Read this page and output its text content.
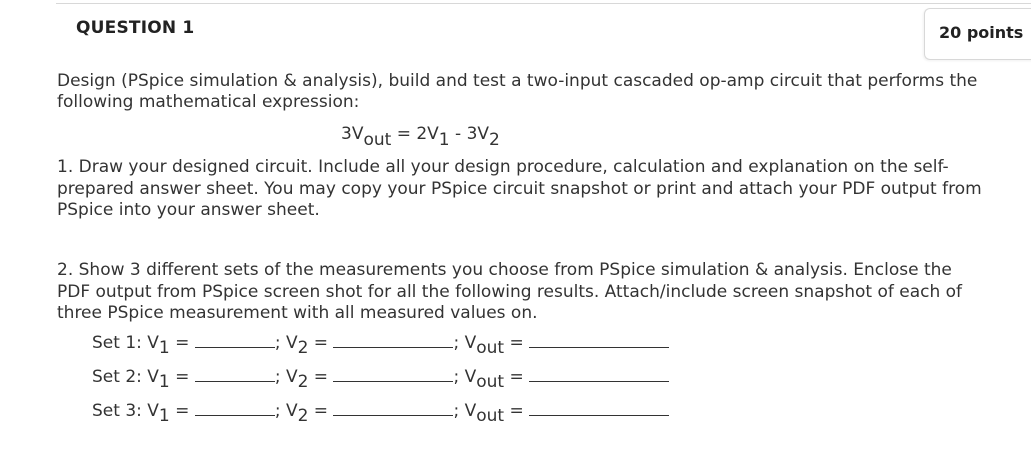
QUESTION 1	20 points
Design (PSpice simulation & analysis), build and test a two-input cascaded op-amp circuit that performs the
following mathematical expression:
$3V_{out} = 2V_1 - 3V_2$
1. Draw your designed circuit. Include all your design procedure, calculation and explanation on the self-
prepared answer sheet. You may copy your PSpice circuit snapshot or print and attach your PDF output from
PSpice into your answer sheet.
2. Show 3 different sets of the measurements you choose from PSpice simulation & analysis. Enclose the
PDF output from PSpice screen shot for all the following results. Attach/include screen snapshot of each of
three PSpice measurement with all measured values on.
Set 1: $V_1$ =	; $V_2$ =	; $V_{out}$ =
Set 2: $V_1$ =	; $V_2$ =	; $V_{out}$ =
Set 3: $V_1$ =	; $V_2$ =	; $V_{out}$ =
